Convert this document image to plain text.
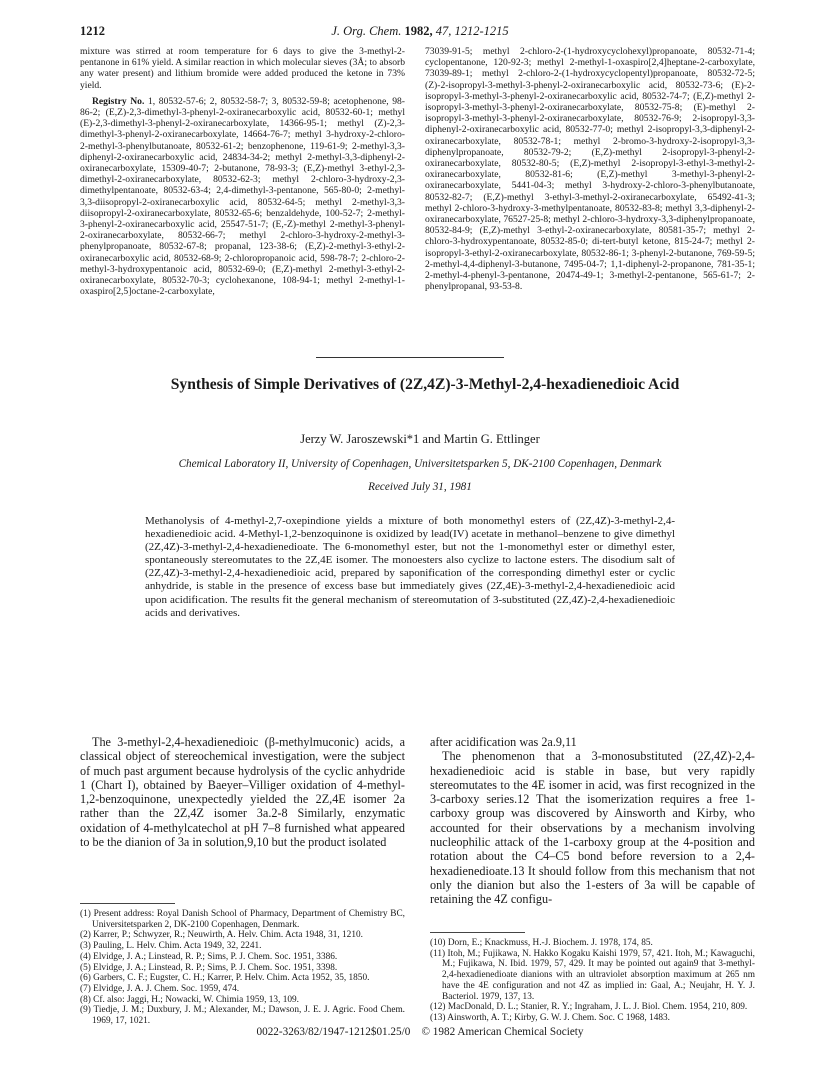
1212	J. Org. Chem. 1982, 47, 1212-1215

mixture was stirred at room temperature for 6 days to give the 3-methyl-2-pentanone in 61% yield. A similar reaction in which molecular sieves (3Å; to absorb any water present) and lithium bromide were added produced the ketone in 73% yield.

Registry No. 1, 80532-57-6; 2, 80532-58-7; 3, 80532-59-8; acetophenone, 98-86-2; (E,Z)-2,3-dimethyl-3-phenyl-2-oxiranecarboxylic acid, 80532-60-1; methyl (E)-2,3-dimethyl-3-phenyl-2-oxiranecarboxylate, 14366-95-1; methyl (Z)-2,3-dimethyl-3-phenyl-2-oxiranecarboxylate, 14664-76-7; methyl 3-hydroxy-2-chloro-2-methyl-3-phenylbutanoate, 80532-61-2; benzophenone, 119-61-9; 2-methyl-3,3-diphenyl-2-oxiranecarboxylic acid, 24834-34-2; methyl 2-methyl-3,3-diphenyl-2-oxiranecarboxylate, 15309-40-7; 2-butanone, 78-93-3; (E,Z)-methyl 3-ethyl-2,3-dimethyl-2-oxiranecarboxylate, 80532-62-3; methyl 2-chloro-3-hydroxy-2,3-dimethylpentanoate, 80532-63-4; 2,4-dimethyl-3-pentanone, 565-80-0; 2-methyl-3,3-diisopropyl-2-oxiranecarboxylic acid, 80532-64-5; methyl 2-methyl-3,3-diisopropyl-2-oxiranecarboxylate, 80532-65-6; benzaldehyde, 100-52-7; 2-methyl-3-phenyl-2-oxiranecarboxylic acid, 25547-51-7; (E,-Z)-methyl 2-methyl-3-phenyl-2-oxiranecarboxylate, 80532-66-7; methyl 2-chloro-3-hydroxy-2-methyl-3-phenylpropanoate, 80532-67-8; propanal, 123-38-6; (E,Z)-2-methyl-3-ethyl-2-oxiranecarboxylic acid, 80532-68-9; 2-chloropropanoic acid, 598-78-7; 2-chloro-2-methyl-3-hydroxypentanoic acid, 80532-69-0; (E,Z)-methyl 2-methyl-3-ethyl-2-oxiranecarboxylate, 80532-70-3; cyclohexanone, 108-94-1; methyl 2-methyl-1-oxaspiro[2,5]octane-2-carboxylate,

73039-91-5; methyl 2-chloro-2-(1-hydroxycyclohexyl)propanoate, 80532-71-4; cyclopentanone, 120-92-3; methyl 2-methyl-1-oxaspiro[2,4]heptane-2-carboxylate, 73039-89-1; methyl 2-chloro-2-(1-hydroxycyclopentyl)propanoate, 80532-72-5; (Z)-2-isopropyl-3-methyl-3-phenyl-2-oxiranecarboxylic acid, 80532-73-6; (E)-2-isopropyl-3-methyl-3-phenyl-2-oxiranecarboxylic acid, 80532-74-7; (E,Z)-methyl 2-isopropyl-3-methyl-3-phenyl-2-oxiranecarboxylate, 80532-75-8; (E)-methyl 2-isopropyl-3-methyl-3-phenyl-2-oxiranecarboxylate, 80532-76-9; 2-isopropyl-3,3-diphenyl-2-oxiranecarboxylic acid, 80532-77-0; methyl 2-isopropyl-3,3-diphenyl-2-oxiranecarboxylate, 80532-78-1; methyl 2-bromo-3-hydroxy-2-isopropyl-3,3-diphenylpropanoate, 80532-79-2; (E,Z)-methyl 2-isopropyl-3-phenyl-2-oxiranecarboxylate, 80532-80-5; (E,Z)-methyl 2-isopropyl-3-ethyl-3-methyl-2-oxiranecarboxylate, 80532-81-6; (E,Z)-methyl 3-methyl-3-phenyl-2-oxiranecarboxylate, 5441-04-3; methyl 3-hydroxy-2-chloro-3-phenylbutanoate, 80532-82-7; (E,Z)-methyl 3-ethyl-3-methyl-2-oxiranecarboxylate, 65492-41-3; methyl 2-chloro-3-hydroxy-3-methylpentanoate, 80532-83-8; methyl 3,3-diphenyl-2-oxiranecarboxylate, 76527-25-8; methyl 2-chloro-3-hydroxy-3,3-diphenylpropanoate, 80532-84-9; (E,Z)-methyl 3-ethyl-2-oxiranecarboxylate, 80581-35-7; methyl 2-chloro-3-hydroxypentanoate, 80532-85-0; di-tert-butyl ketone, 815-24-7; methyl 2-isopropyl-3-ethyl-2-oxiranecarboxylate, 80532-86-1; 3-phenyl-2-butanone, 769-59-5; 2-methyl-4,4-diphenyl-3-butanone, 7495-04-7; 1,1-diphenyl-2-propanone, 781-35-1; 2-methyl-4-phenyl-3-pentanone, 20474-49-1; 3-methyl-2-pentanone, 565-61-7; 2-phenylpropanal, 93-53-8.

Synthesis of Simple Derivatives of (2Z,4Z)-3-Methyl-2,4-hexadienedioic Acid
Jerzy W. Jaroszewski*1 and Martin G. Ettlinger
Chemical Laboratory II, University of Copenhagen, Universitetsparken 5, DK-2100 Copenhagen, Denmark
Received July 31, 1981
Methanolysis of 4-methyl-2,7-oxepindione yields a mixture of both monomethyl esters of (2Z,4Z)-3-methyl-2,4-hexadienedioic acid. 4-Methyl-1,2-benzoquinone is oxidized by lead(IV) acetate in methanol–benzene to give dimethyl (2Z,4Z)-3-methyl-2,4-hexadienedioate. The 6-monomethyl ester, but not the 1-monomethyl ester or dimethyl ester, spontaneously stereomutates to the 2Z,4E isomer. The monoesters also cyclize to lactone esters. The disodium salt of (2Z,4Z)-3-methyl-2,4-hexadienedioic acid, prepared by saponification of the corresponding dimethyl ester or cyclic anhydride, is stable in the presence of excess base but immediately gives (2Z,4E)-3-methyl-2,4-hexadienedioic acid upon acidification. The results fit the general mechanism of stereomutation of 3-substituted (2Z,4Z)-2,4-hexadienedioic acids and derivatives.

The 3-methyl-2,4-hexadienedioic (β-methylmuconic) acids, a classical object of stereochemical investigation, were the subject of much past argument because hydrolysis of the cyclic anhydride 1 (Chart I), obtained by Baeyer–Villiger oxidation of 4-methyl-1,2-benzoquinone, unexpectedly yielded the 2Z,4E isomer 2a rather than the 2Z,4Z isomer 3a.2-8 Similarly, enzymatic oxidation of 4-methylcatechol at pH 7–8 furnished what appeared to be the dianion of 3a in solution,9,10 but the product isolated

after acidification was 2a.9,11

The phenomenon that a 3-monosubstituted (2Z,4Z)-2,4-hexadienedioic acid is stable in base, but very rapidly stereomutates to the 4E isomer in acid, was first recognized in the 3-carboxy series.12 That the isomerization requires a free 1-carboxy group was discovered by Ainsworth and Kirby, who accounted for their observations by a mechanism involving nucleophilic attack of the 1-carboxy group at the 4-position and rotation about the C4–C5 bond before reversion to a 2,4-hexadienedioate.13 It should follow from this mechanism that not only the dianion but also the 1-esters of 3a will be capable of retaining the 4Z configu-

(1) Present address: Royal Danish School of Pharmacy, Department of Chemistry BC, Universitetsparken 2, DK-2100 Copenhagen, Denmark.
(2) Karrer, P.; Schwyzer, R.; Neuwirth, A. Helv. Chim. Acta 1948, 31, 1210.
(3) Pauling, L. Helv. Chim. Acta 1949, 32, 2241.
(4) Elvidge, J. A.; Linstead, R. P.; Sims, P. J. Chem. Soc. 1951, 3386.
(5) Elvidge, J. A.; Linstead, R. P.; Sims, P. J. Chem. Soc. 1951, 3398.
(6) Garbers, C. F.; Eugster, C. H.; Karrer, P. Helv. Chim. Acta 1952, 35, 1850.
(7) Elvidge, J. A. J. Chem. Soc. 1959, 474.
(8) Cf. also: Jaggi, H.; Nowacki, W. Chimia 1959, 13, 109.
(9) Tiedje, J. M.; Duxbury, J. M.; Alexander, M.; Dawson, J. E. J. Agric. Food Chem. 1969, 17, 1021.
(10) Dorn, E.; Knackmuss, H.-J. Biochem. J. 1978, 174, 85.
(11) Itoh, M.; Fujikawa, N. Hakko Kogaku Kaishi 1979, 57, 421. Itoh, M.; Kawaguchi, M.; Fujikawa, N. Ibid. 1979, 57, 429. It may be pointed out again9 that 3-methyl-2,4-hexadienedioate dianions with an ultraviolet absorption maximum at 265 nm have the 4E configuration and not 4Z as implied in: Gaal, A.; Neujahr, H. Y. J. Bacteriol. 1979, 137, 13.
(12) MacDonald, D. L.; Stanier, R. Y.; Ingraham, J. L. J. Biol. Chem. 1954, 210, 809.
(13) Ainsworth, A. T.; Kirby, G. W. J. Chem. Soc. C 1968, 1483.
0022-3263/82/1947-1212$01.25/0 © 1982 American Chemical Society
